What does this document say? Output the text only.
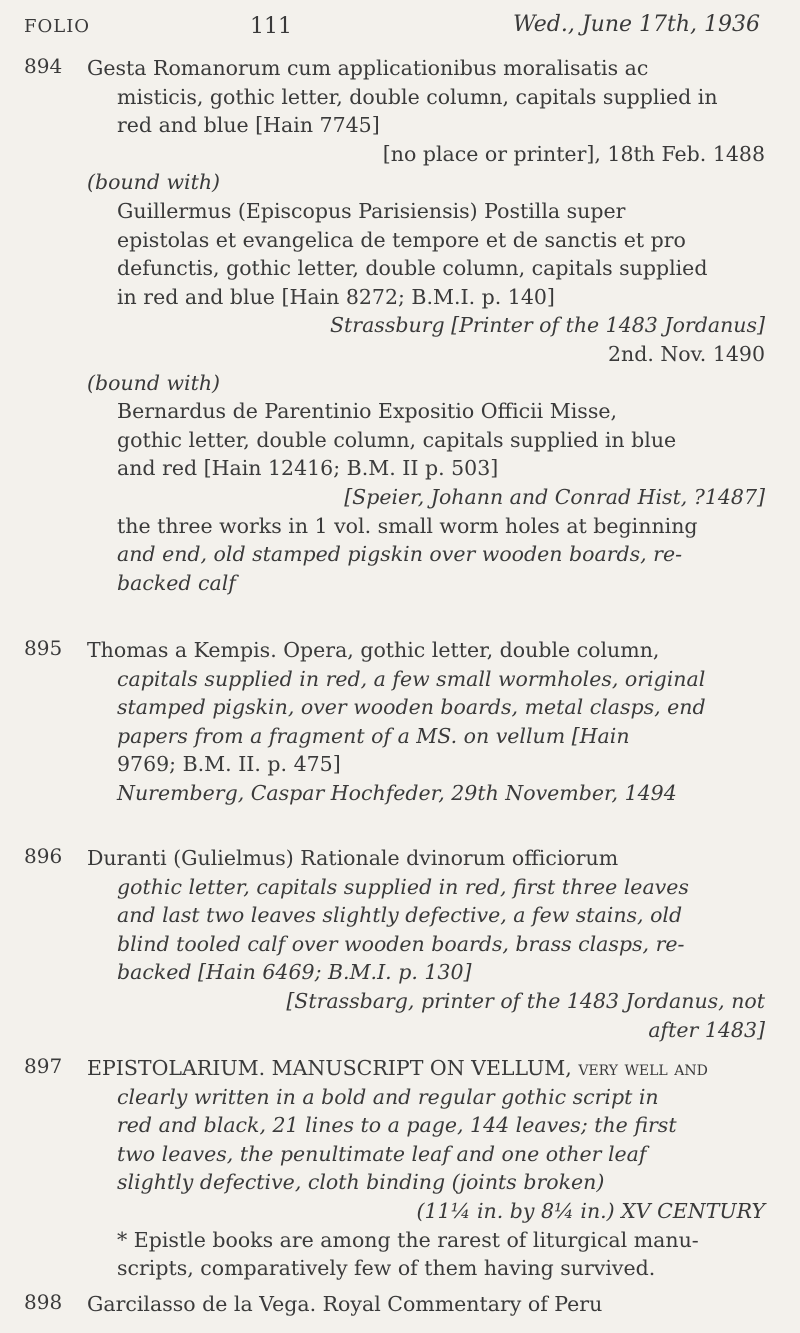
FOLIO	111	Wed., June 17th, 1936
894 Gesta Romanorum cum applicationibus moralisatis ac

misticis, gothic letter, double column, capitals supplied in

red and blue [Hain 7745]

[no place or printer], 18th Feb. 1488

(bound with)

Guillermus (Episcopus Parisiensis) Postilla super

epistolas et evangelica de tempore et de sanctis et pro

defunctis, gothic letter, double column, capitals supplied

in red and blue [Hain 8272; B.M.I. p. 140]

Strassburg [Printer of the 1483 Jordanus]

2nd. Nov. 1490

(bound with)

Bernardus de Parentinio Expositio Officii Misse,

gothic letter, double column, capitals supplied in blue

and red [Hain 12416; B.M. II p. 503]

[Speier, Johann and Conrad Hist, ?1487]

the three works in 1 vol. small worm holes at beginning

and end, old stamped pigskin over wooden boards, re-

backed calf

895 Thomas a Kempis. Opera, gothic letter, double column,

capitals supplied in red, a few small wormholes, original

stamped pigskin, over wooden boards, metal clasps, end

papers from a fragment of a MS. on vellum [Hain

9769; B.M. II. p. 475]

Nuremberg, Caspar Hochfeder, 29th November, 1494

896 Duranti (Gulielmus) Rationale dvinorum officiorum

gothic letter, capitals supplied in red, first three leaves

and last two leaves slightly defective, a few stains, old

blind tooled calf over wooden boards, brass clasps, re-

backed [Hain 6469; B.M.I. p. 130]

[Strassbarg, printer of the 1483 Jordanus, not

after 1483]

897 EPISTOLARIUM. MANUSCRIPT ON VELLUM, very well and

clearly written in a bold and regular gothic script in

red and black, 21 lines to a page, 144 leaves; the first

two leaves, the penultimate leaf and one other leaf

slightly defective, cloth binding (joints broken)

(11¼ in. by 8¼ in.) XV CENTURY

* Epistle books are among the rarest of liturgical manu-

scripts, comparatively few of them having survived.

898 Garcilasso de la Vega. Royal Commentary of Peru
